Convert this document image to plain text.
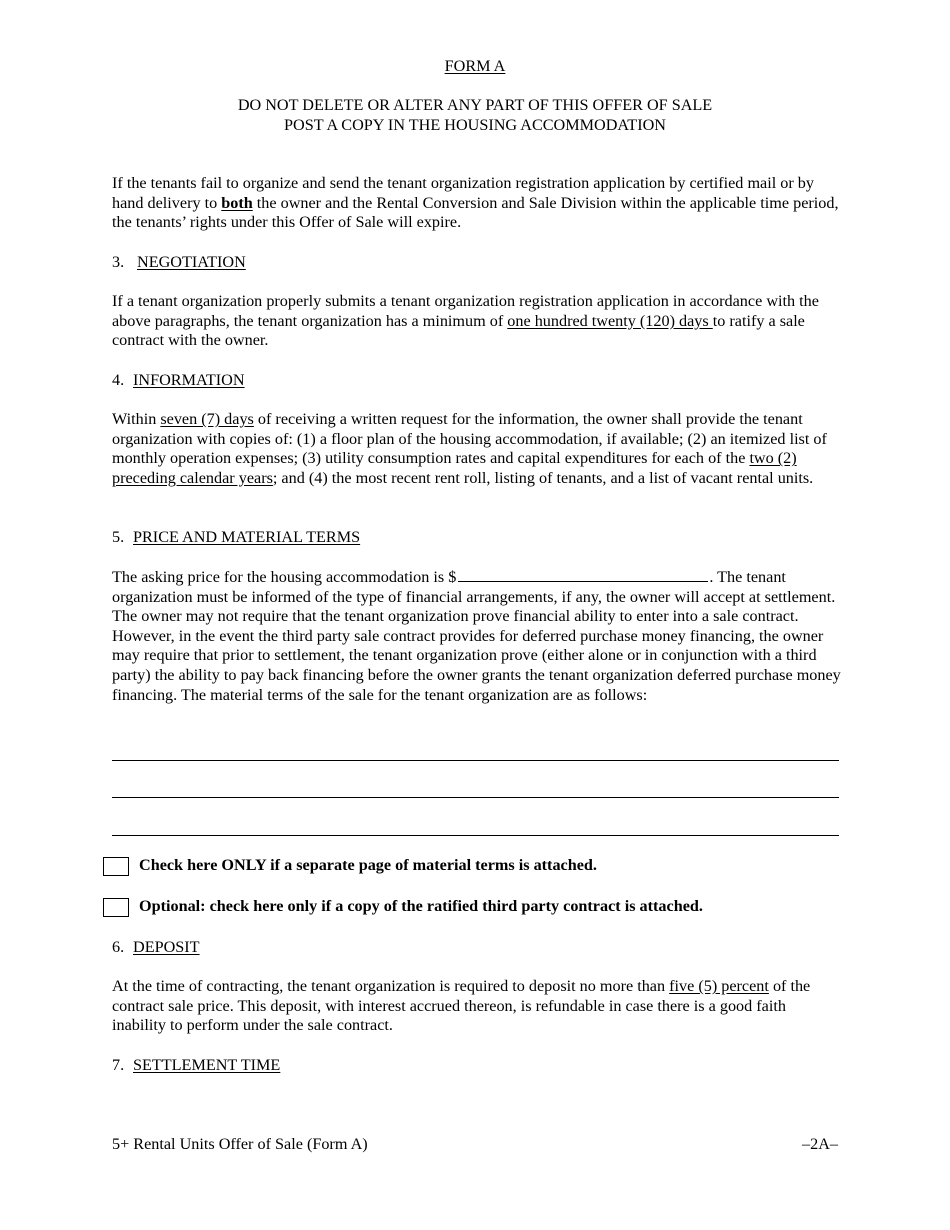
FORM A
DO NOT DELETE OR ALTER ANY PART OF THIS OFFER OF SALE
POST A COPY IN THE HOUSING ACCOMMODATION
If the tenants fail to organize and send the tenant organization registration application by certified mail or by hand delivery to both the owner and the Rental Conversion and Sale Division within the applicable time period, the tenants’ rights under this Offer of Sale will expire.
3. NEGOTIATION
If a tenant organization properly submits a tenant organization registration application in accordance with the above paragraphs, the tenant organization has a minimum of one hundred twenty (120) days to ratify a sale contract with the owner.
4. INFORMATION
Within seven (7) days of receiving a written request for the information, the owner shall provide the tenant organization with copies of: (1) a floor plan of the housing accommodation, if available; (2) an itemized list of monthly operation expenses; (3) utility consumption rates and capital expenditures for each of the two (2) preceding calendar years; and (4) the most recent rent roll, listing of tenants, and a list of vacant rental units.
5. PRICE AND MATERIAL TERMS
The asking price for the housing accommodation is $	. The tenant organization must be informed of the type of financial arrangements, if any, the owner will accept at settlement. The owner may not require that the tenant organization prove financial ability to enter into a sale contract. However, in the event the third party sale contract provides for deferred purchase money financing, the owner may require that prior to settlement, the tenant organization prove (either alone or in conjunction with a third party) the ability to pay back financing before the owner grants the tenant organization deferred purchase money financing. The material terms of the sale for the tenant organization are as follows:
Check here ONLY if a separate page of material terms is attached.
Optional: check here only if a copy of the ratified third party contract is attached.
6. DEPOSIT
At the time of contracting, the tenant organization is required to deposit no more than five (5) percent of the contract sale price. This deposit, with interest accrued thereon, is refundable in case there is a good faith inability to perform under the sale contract.
7. SETTLEMENT TIME
5+ Rental Units Offer of Sale (Form A)	–2A–
